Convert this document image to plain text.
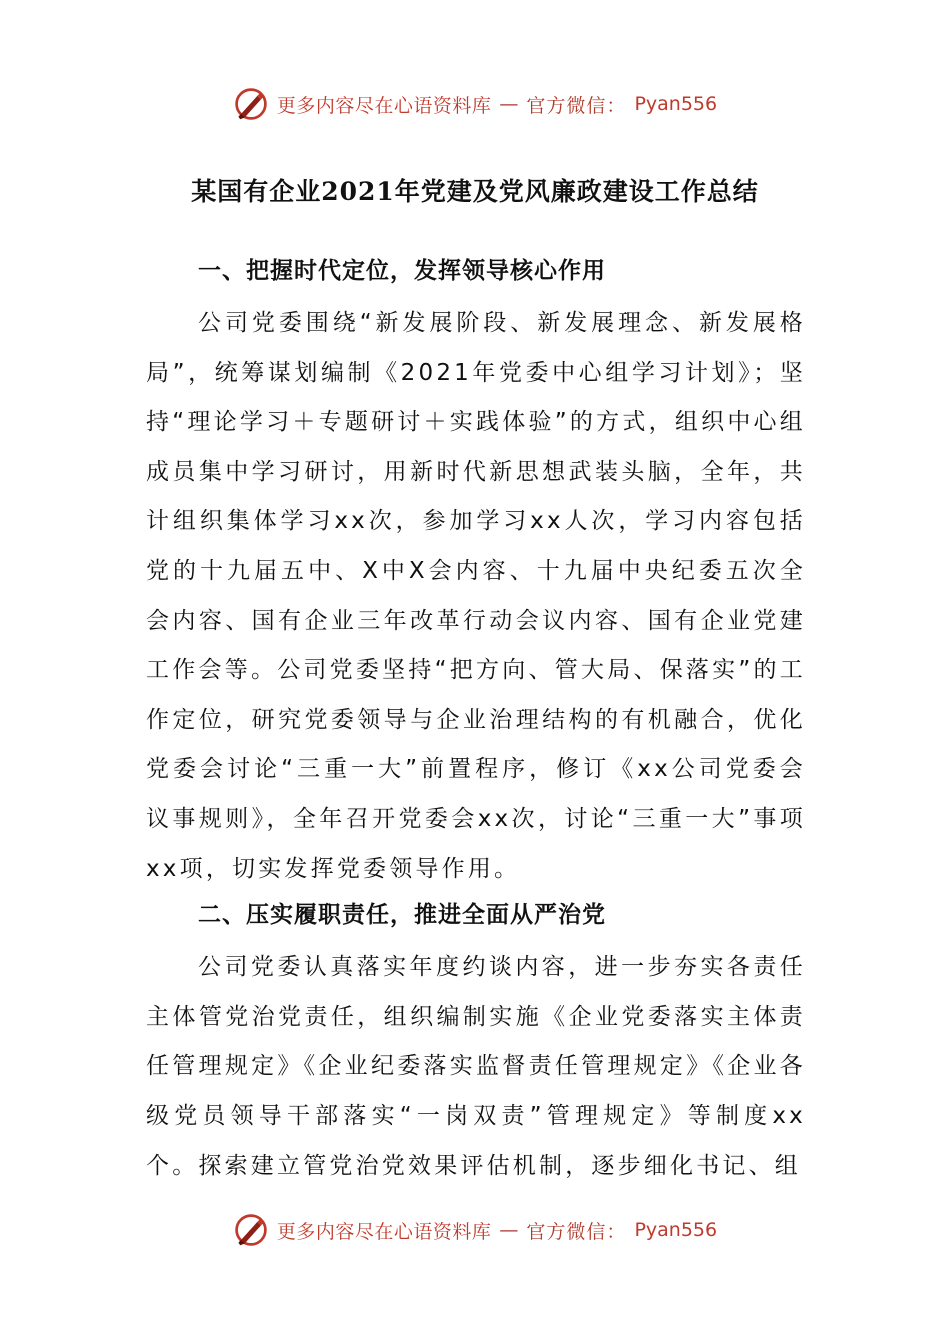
更多内容尽在心语资料库 — 官方微信： Pyan556
某国有企业2021年党建及党风廉政建设工作总结
一、把握时代定位，发挥领导核心作用

公司党委围绕“新发展阶段、新发展理念、新发展格局”，统筹谋划编制《2021年党委中心组学习计划》；坚持“理论学习＋专题研讨＋实践体验”的方式，组织中心组成员集中学习研讨，用新时代新思想武装头脑，全年，共计组织集体学习xx次，参加学习xx人次，学习内容包括党的十九届五中、X中X会内容、十九届中央纪委五次全会内容、国有企业三年改革行动会议内容、国有企业党建工作会等。公司党委坚持“把方向、管大局、保落实”的工作定位，研究党委领导与企业治理结构的有机融合，优化党委会讨论“三重一大”前置程序，修订《xx公司党委会议事规则》，全年召开党委会xx次，讨论“三重一大”事项xx项，切实发挥党委领导作用。

二、压实履职责任，推进全面从严治党

公司党委认真落实年度约谈内容，进一步夯实各责任主体管党治党责任，组织编制实施《企业党委落实主体责任管理规定》《企业纪委落实监督责任管理规定》《企业各级党员领导干部落实“一岗双责”管理规定》等制度xx个。探索建立管党治党效果评估机制，逐步细化书记、组

更多内容尽在心语资料库 — 官方微信： Pyan556
